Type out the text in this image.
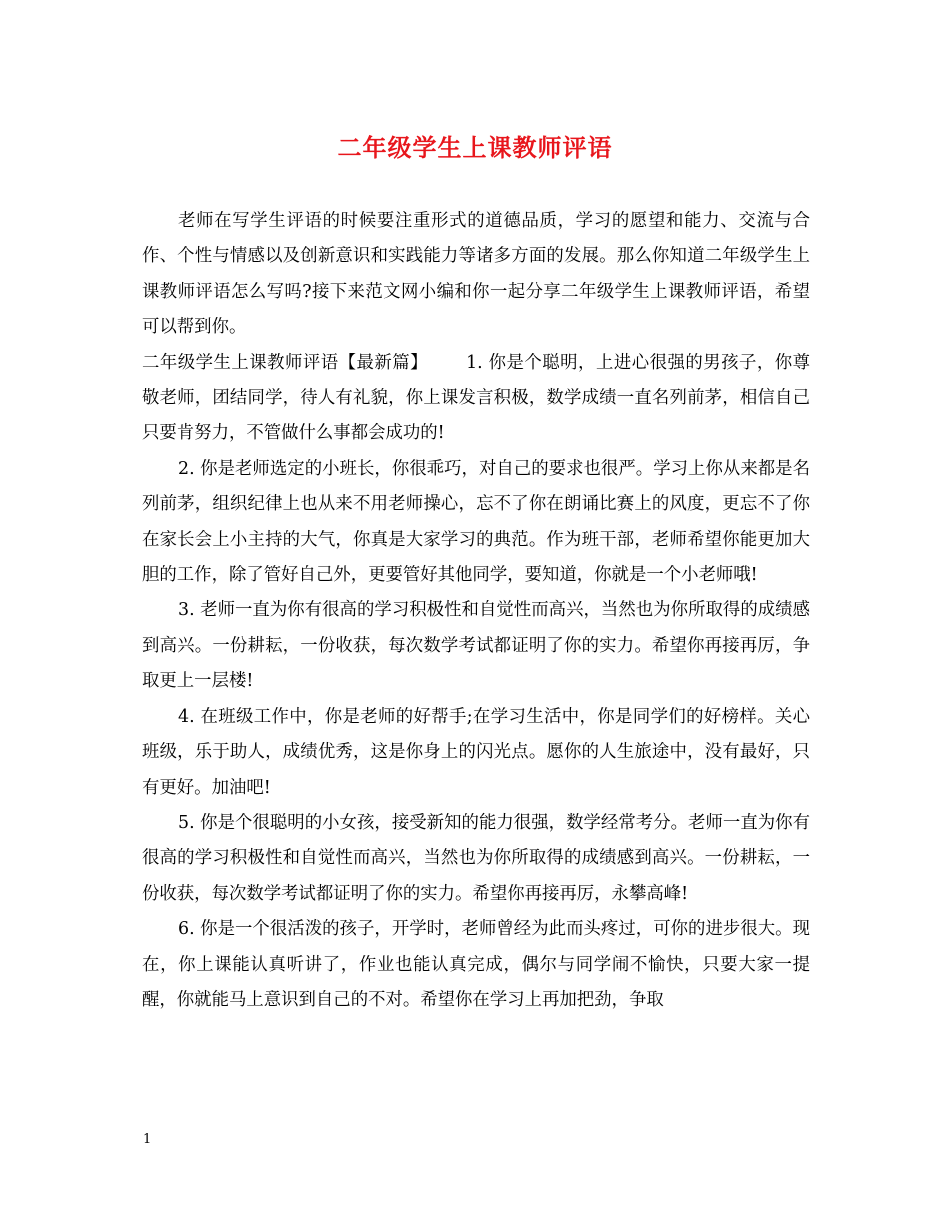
二年级学生上课教师评语

老师在写学生评语的时候要注重形式的道德品质，学习的愿望和能力、交流与合作、个性与情感以及创新意识和实践能力等诸多方面的发展。那么你知道二年级学生上课教师评语怎么写吗?接下来范文网小编和你一起分享二年级学生上课教师评语，希望可以帮到你。

二年级学生上课教师评语【最新篇】 1. 你是个聪明，上进心很强的男孩子，你尊敬老师，团结同学，待人有礼貌，你上课发言积极，数学成绩一直名列前茅，相信自己只要肯努力，不管做什么事都会成功的!

2. 你是老师选定的小班长，你很乖巧，对自己的要求也很严。学习上你从来都是名列前茅，组织纪律上也从来不用老师操心，忘不了你在朗诵比赛上的风度，更忘不了你在家长会上小主持的大气，你真是大家学习的典范。作为班干部，老师希望你能更加大胆的工作，除了管好自己外，更要管好其他同学，要知道，你就是一个小老师哦!

3. 老师一直为你有很高的学习积极性和自觉性而高兴，当然也为你所取得的成绩感到高兴。一份耕耘，一份收获，每次数学考试都证明了你的实力。希望你再接再厉，争取更上一层楼!

4. 在班级工作中，你是老师的好帮手;在学习生活中，你是同学们的好榜样。关心班级，乐于助人，成绩优秀，这是你身上的闪光点。愿你的人生旅途中，没有最好，只有更好。加油吧!

5. 你是个很聪明的小女孩，接受新知的能力很强，数学经常考分。老师一直为你有很高的学习积极性和自觉性而高兴，当然也为你所取得的成绩感到高兴。一份耕耘，一份收获，每次数学考试都证明了你的实力。希望你再接再厉，永攀高峰!

6. 你是一个很活泼的孩子，开学时，老师曾经为此而头疼过，可你的进步很大。现在，你上课能认真听讲了，作业也能认真完成，偶尔与同学闹不愉快，只要大家一提醒，你就能马上意识到自己的不对。希望你在学习上再加把劲，争取

1
